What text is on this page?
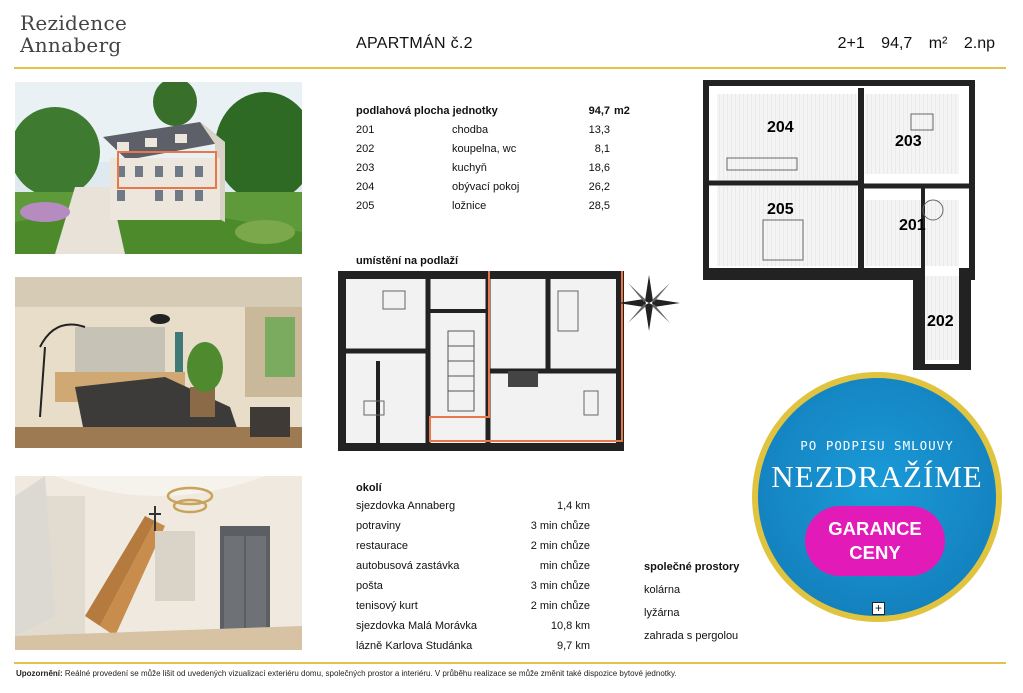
Rezidence
Annaberg	APARTMÁN č.2	2+1 94,7 m² 2.np
podlahová plocha jednotky		94,7	m2
201	chodba	13,3	
202	koupelna, wc	8,1	
203	kuchyň	18,6	
204	obývací pokoj	26,2	
205	ložnice	28,5	
204
203
205
201
202
umístění na podlaží
okolí
sjezdovka Annaberg	1,4 km
potraviny	3 min chůze
restaurace	2 min chůze
autobusová zastávka	min chůze
pošta	3 min chůze
tenisový kurt	2 min chůze
sjezdovka Malá Morávka	10,8 km
lázně Karlova Studánka	9,7 km
společné prostory
kolárna
lyžárna
zahrada s pergolou
PO PODPISU SMLOUVY
NEZDRAŽÍME
GARANCE
CENY
+
Upozornění: Reálné provedení se může lišit od uvedených vizualizací exteriéru domu, společných prostor a interiéru. V průběhu realizace se může změnit také dispozice bytové jednotky.
